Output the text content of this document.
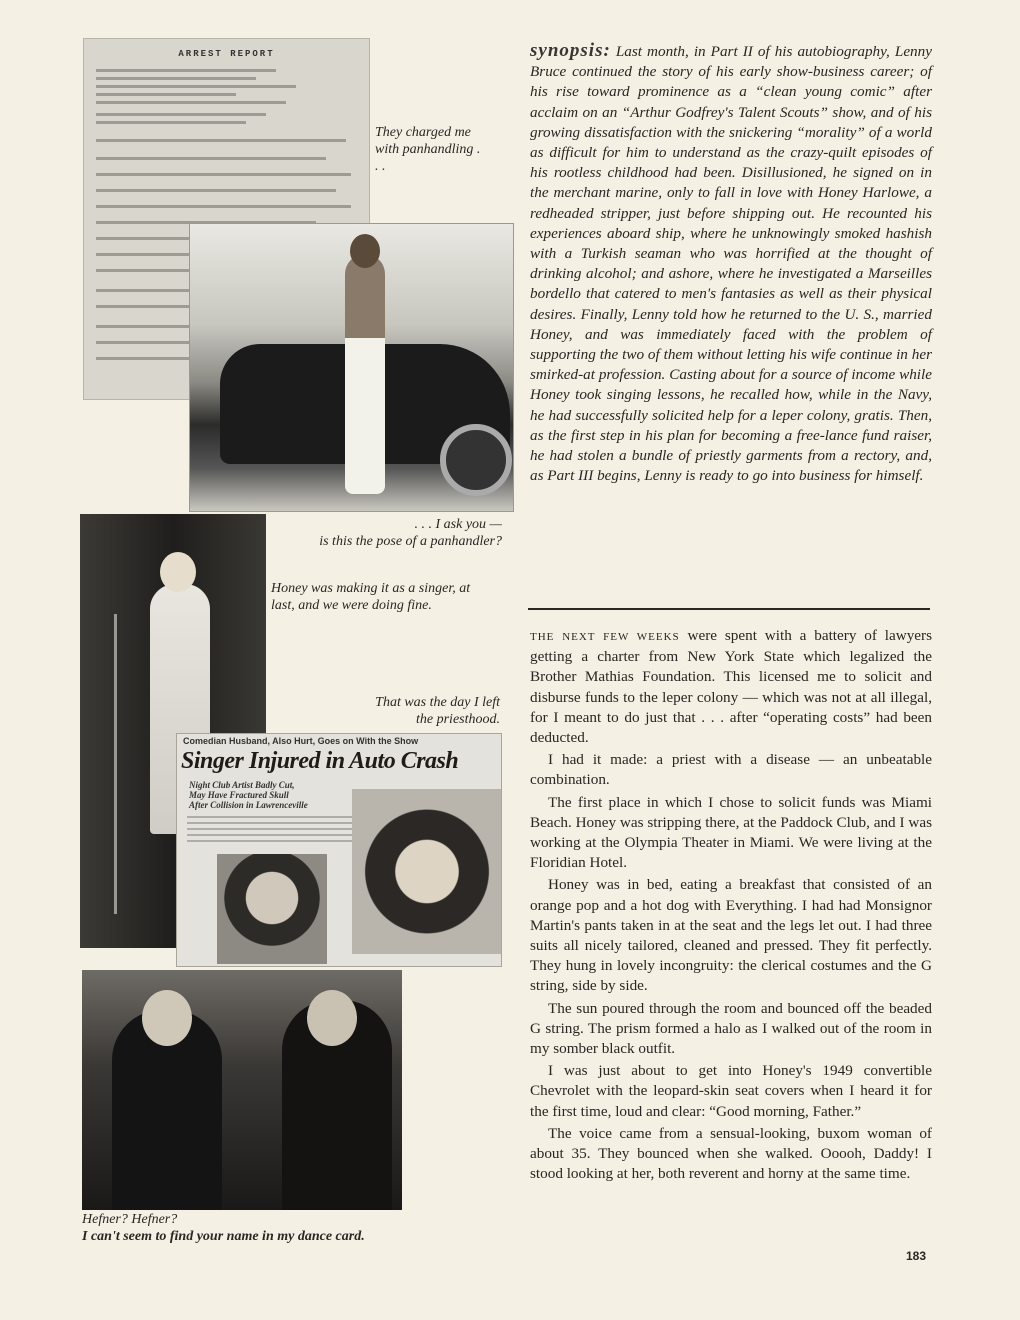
ARREST REPORT
They charged me with panhandling . . .
. . . I ask you —
is this the pose of a panhandler?
Honey was making it as a singer, at last, and we were doing fine.
That was the day I left the priesthood.
Comedian Husband, Also Hurt, Goes on With the Show
Singer Injured in Auto Crash
Night Club Artist Badly Cut,
May Have Fractured Skull
After Collision in Lawrenceville
Hefner? Hefner?
I can't seem to find your name in my dance card.

synopsis: Last month, in Part II of his autobiography, Lenny Bruce continued the story of his early show-business career; of his rise toward prominence as a “clean young comic” after acclaim on an “Arthur Godfrey's Talent Scouts” show, and of his growing dissatisfaction with the snickering “morality” of a world as difficult for him to understand as the crazy-quilt episodes of his rootless childhood had been. Disillusioned, he signed on in the merchant marine, only to fall in love with Honey Harlowe, a redheaded stripper, just before shipping out. He recounted his experiences aboard ship, where he unknowingly smoked hashish with a Turkish seaman who was horrified at the thought of drinking alcohol; and ashore, where he investigated a Marseilles bordello that catered to men's fantasies as well as their physical desires. Finally, Lenny told how he returned to the U. S., married Honey, and was immediately faced with the problem of supporting the two of them without letting his wife continue in her smirked-at profession. Casting about for a source of income while Honey took singing lessons, he recalled how, while in the Navy, he had successfully solicited help for a leper colony, gratis. Then, as the first step in his plan for becoming a free-lance fund raiser, he had stolen a bundle of priestly garments from a rectory, and, as Part III begins, Lenny is ready to go into business for himself.

THE NEXT FEW WEEKS were spent with a battery of lawyers getting a charter from New York State which legalized the Brother Mathias Foundation. This licensed me to solicit and disburse funds to the leper colony — which was not at all illegal, for I meant to do just that . . . after “operating costs” had been deducted.

I had it made: a priest with a disease — an unbeatable combination.

The first place in which I chose to solicit funds was Miami Beach. Honey was stripping there, at the Paddock Club, and I was working at the Olympia Theater in Miami. We were living at the Floridian Hotel.

Honey was in bed, eating a breakfast that consisted of an orange pop and a hot dog with Everything. I had had Monsignor Martin's pants taken in at the seat and the legs let out. I had three suits all nicely tailored, cleaned and pressed. They fit perfectly. They hung in lovely incongruity: the clerical costumes and the G string, side by side.

The sun poured through the room and bounced off the beaded G string. The prism formed a halo as I walked out of the room in my somber black outfit.

I was just about to get into Honey's 1949 convertible Chevrolet with the leopard-skin seat covers when I heard it for the first time, loud and clear: “Good morning, Father.”

The voice came from a sensual-looking, buxom woman of about 35. They bounced when she walked. Ooooh, Daddy! I stood looking at her, both reverent and horny at the same time.

183
